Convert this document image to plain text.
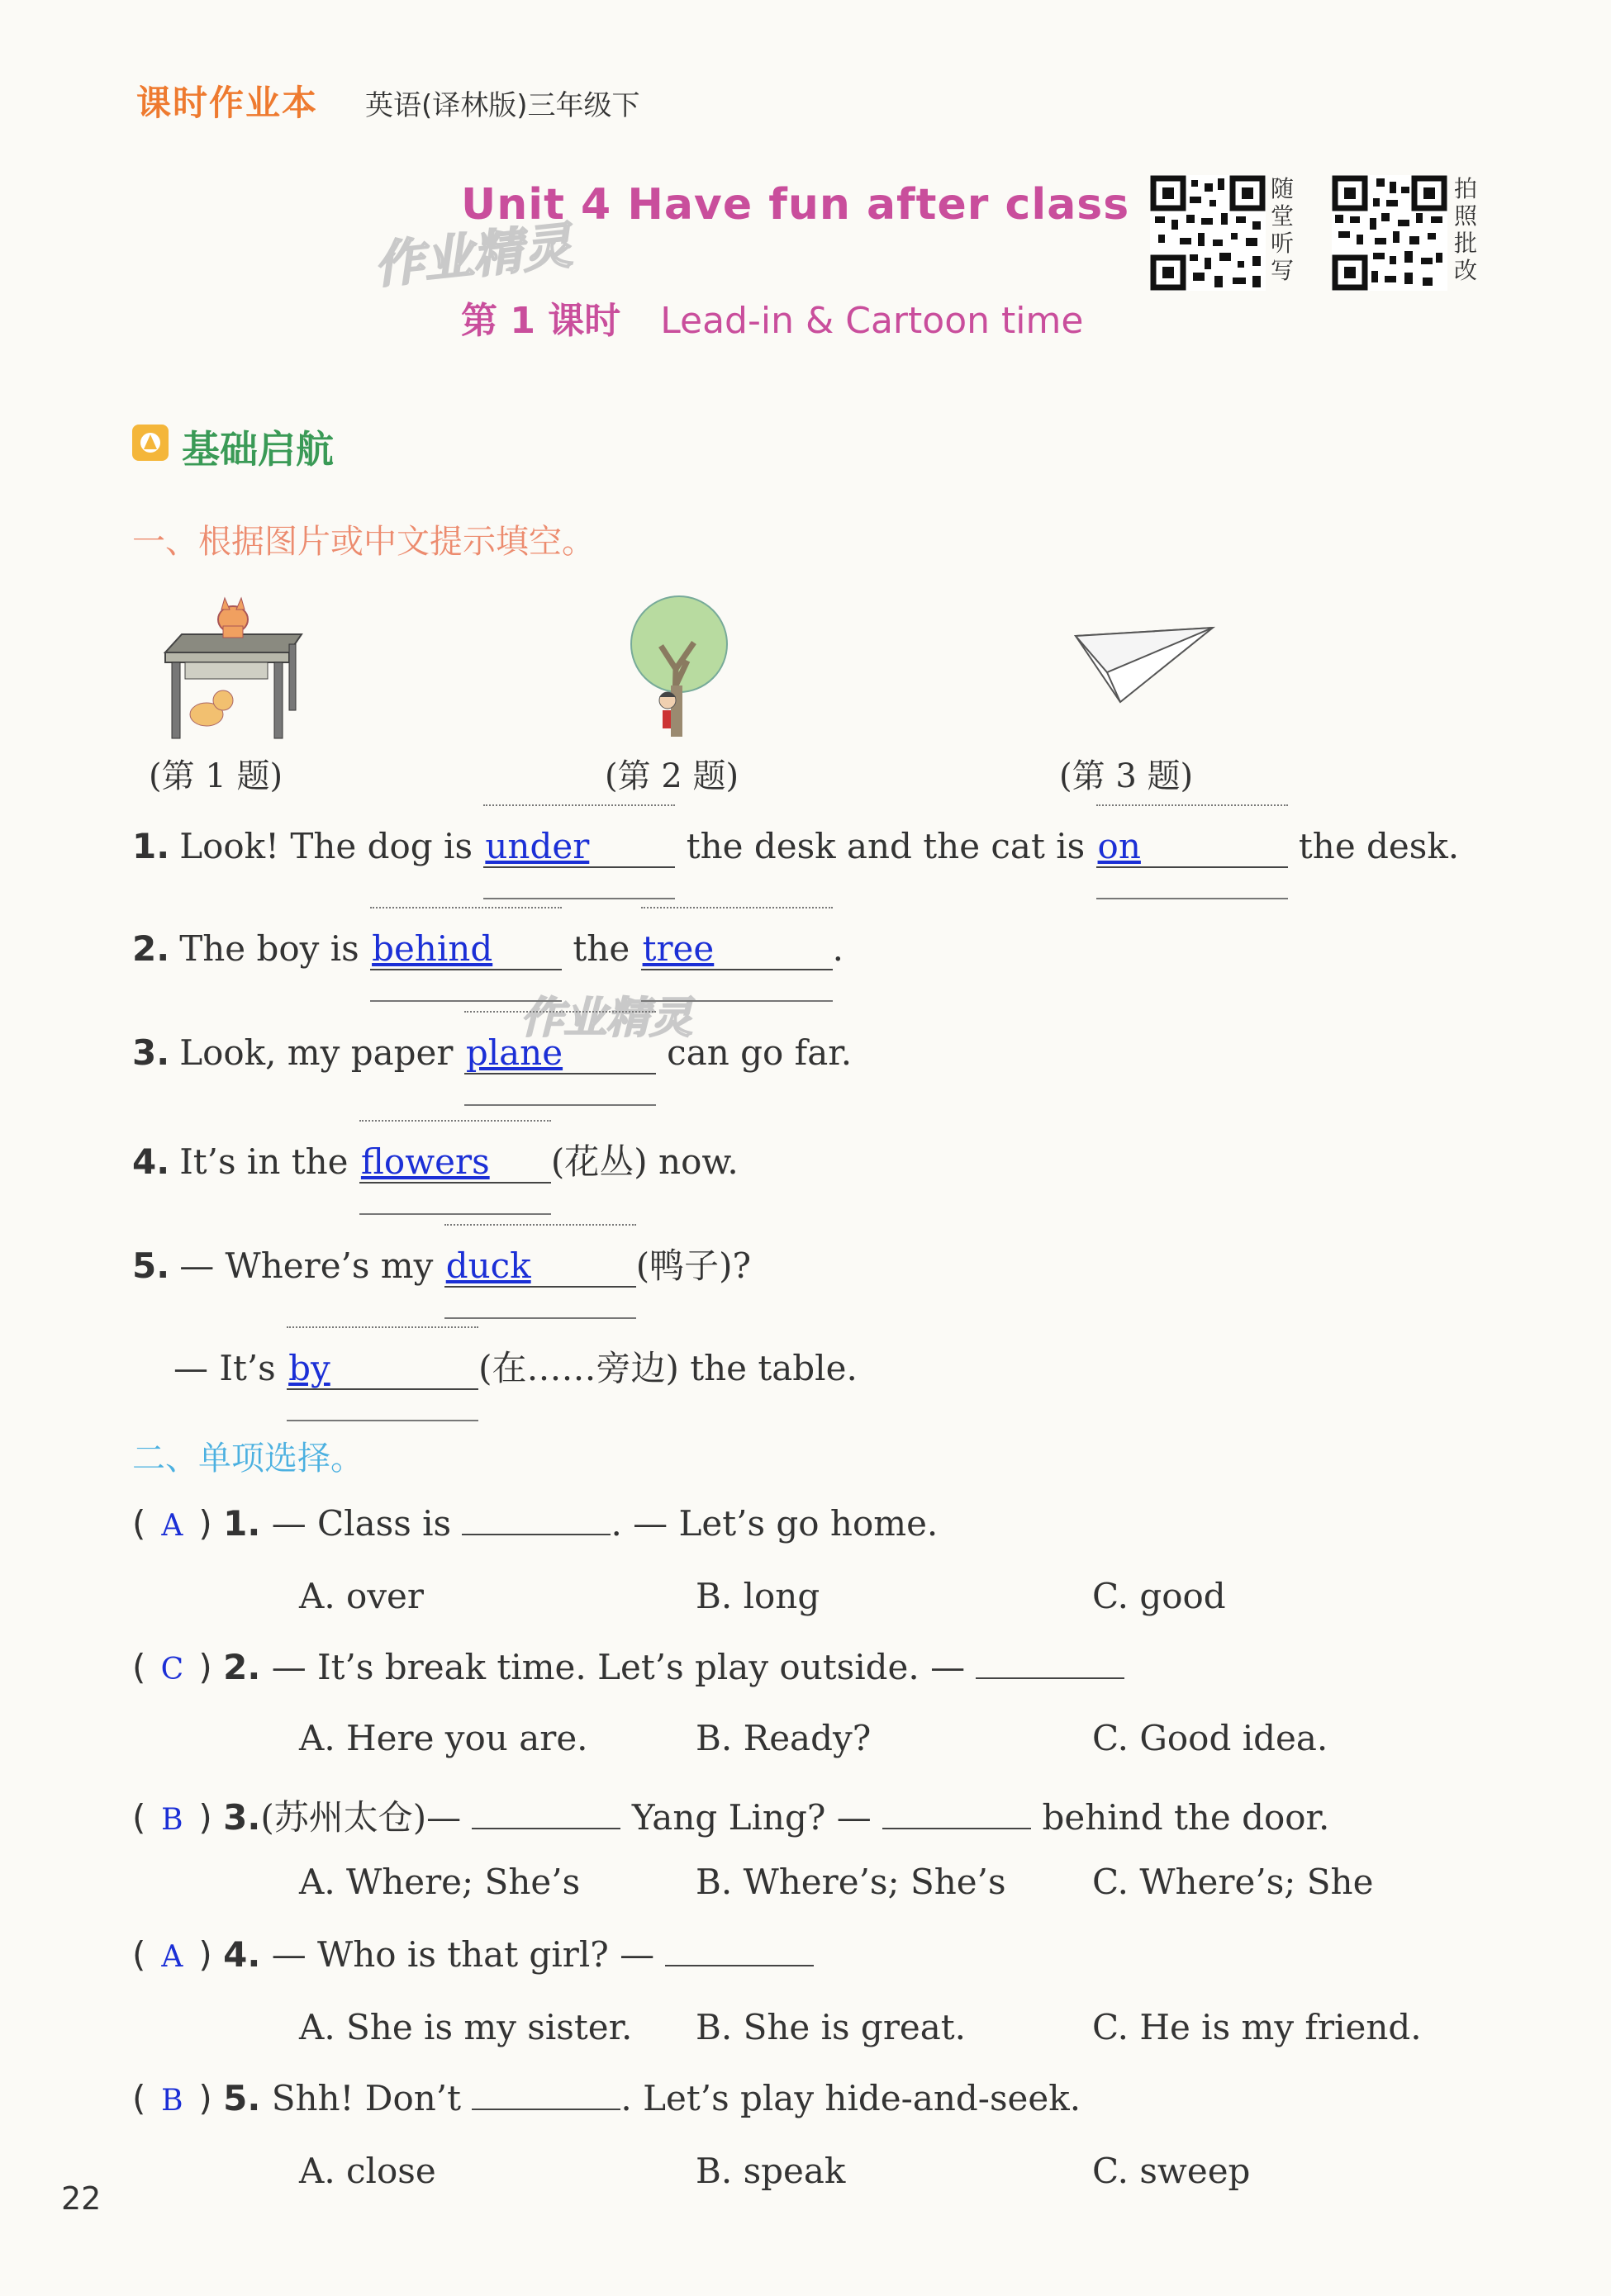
课时作业本 英语(译林版)三年级下
作业精灵
作业精灵
Unit 4 Have fun after class
第 1 课时 Lead-in & Cartoon time
随堂听写
拍照批改
基础启航
一、根据图片或中文提示填空。
(第 1 题)	(第 2 题)	(第 3 题)
1. Look! The dog is under	the desk and the cat is on	the desk.
2. The boy is behind the tree	.
3. Look, my paper plane	can go far.
4. It’s in the flowers (花丛) now.
5. — Where’s my duck	(鸭子)?
— It’s by	(在……旁边) the table.
二、单项选择。
( A ) 1. — Class is	. — Let’s go home.
A. over	B. long	C. good
( C ) 2. — It’s break time. Let’s play outside. —
A. Here you are.	B. Ready?	C. Good idea.
( B ) 3.(苏州太仓)—	Yang Ling? —	behind the door.
A. Where; She’s	B. Where’s; She’s C. Where’s; She
( A ) 4. — Who is that girl? —
A. She is my sister. B. She is great.	C. He is my friend.
( B ) 5. Shh! Don’t	. Let’s play hide-and-seek.
A. close	B. speak	C. sweep
22
